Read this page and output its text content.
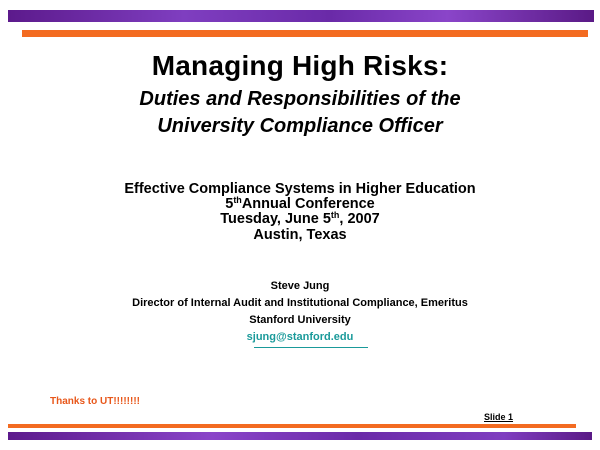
Managing High Risks:
Duties and Responsibilities of the
University Compliance Officer
Effective Compliance Systems in Higher Education
5thAnnual Conference
Tuesday, June 5th, 2007
Austin, Texas
Steve Jung
Director of Internal Audit and Institutional Compliance, Emeritus
Stanford University
sjung@stanford.edu
Thanks to UT!!!!!!!!
Slide 1
